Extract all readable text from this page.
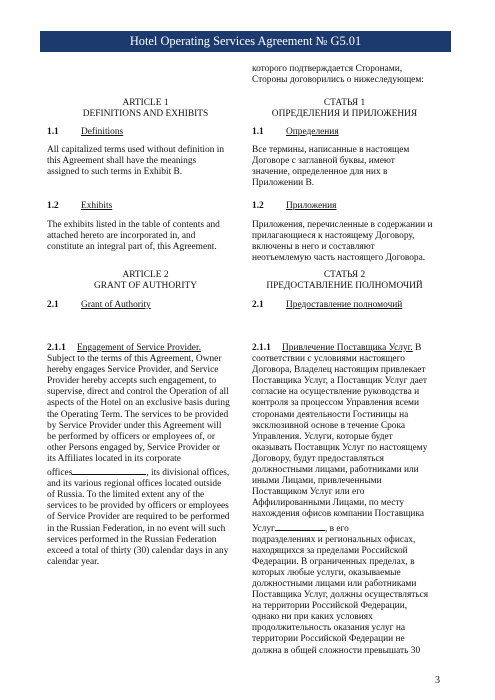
Hotel Operating Services Agreement № G5.01
которого подтверждается Сторонами,
Стороны договорились о нижеследующем:
ARTICLE 1
DEFINITIONS AND EXHIBITS
СТАТЬЯ 1
ОПРЕДЕЛЕНИЯ И ПРИЛОЖЕНИЯ
1.1 Definitions	1.1 Определения
All capitalized terms used without definition in
this Agreement shall have the meanings
assigned to such terms in Exhibit B.
Все термины, написанные в настоящем
Договоре с заглавной буквы, имеют
значение, определенное для них в
Приложении B.
1.2 Exhibits	1.2 Приложения
The exhibits listed in the table of contents and
attached hereto are incorporated in, and
constitute an integral part of, this Agreement.
Приложения, перечисленные в содержании и
прилагающиеся к настоящему Договору,
включены в него и составляют
неотъемлемую часть настоящего Договора.
ARTICLE 2
GRANT OF AUTHORITY
СТАТЬЯ 2
ПРЕДОСТАВЛЕНИЕ ПОЛНОМОЧИЙ
2.1 Grant of Authority	2.1 Предоставление полномочий
2.1.1 Engagement of Service Provider.
Subject to the terms of this Agreement, Owner
hereby engages Service Provider, and Service
Provider hereby accepts such engagement, to
supervise, direct and control the Operation of all
aspects of the Hotel on an exclusive basis during
the Operating Term. The services to be provided
by Service Provider under this Agreement will
be performed by officers or employees of, or
other Persons engaged by, Service Provider or
its Affiliates located in its corporate
offices	, its divisional offices,
and its various regional offices located outside
of Russia. To the limited extent any of the
services to be provided by officers or employees
of Service Provider are required to be performed
in the Russian Federation, in no event will such
services performed in the Russian Federation
exceed a total of thirty (30) calendar days in any
calendar year.
2.1.1 Привлечение Поставщика Услуг. В
соответствии с условиями настоящего
Договора, Владелец настоящим привлекает
Поставщика Услуг, а Поставщик Услуг дает
согласие на осуществление руководства и
контроля за процессом Управления всеми
сторонами деятельности Гостиницы на
эксклюзивной основе в течение Срока
Управления. Услуги, которые будет
оказывать Поставщик Услуг по настоящему
Договору, будут предоставляться
должностными лицами, работниками или
иными Лицами, привлеченными
Поставщиком Услуг или его
Аффилированными Лицами, по месту
нахождения офисов компании Поставщика
Услуг	, в его
подразделениях и региональных офисах,
находящихся за пределами Российской
Федерации. В ограниченных пределах, в
которых любые услуги, оказываемые
должностными лицами или работниками
Поставщика Услуг, должны осуществляться
на территории Российской Федерации,
однако ни при каких условиях
продолжительность оказания услуг на
территории Российской Федерации не
должна в общей сложности превышать 30
3
